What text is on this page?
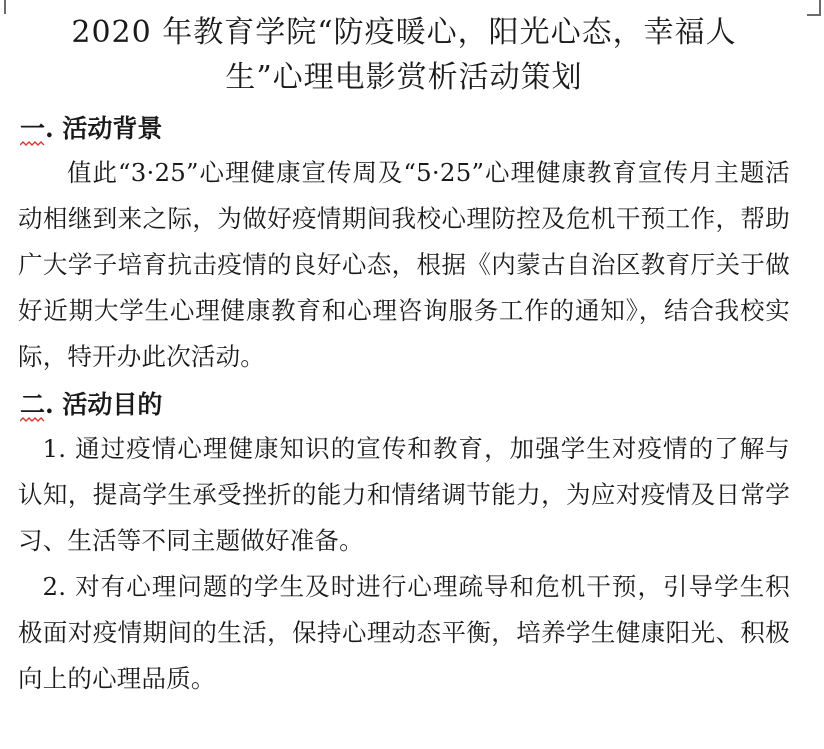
2020 年教育学院“防疫暖心，阳光心态，幸福人生”心理电影赏析活动策划
一. 活动背景

值此“3·25”心理健康宣传周及“5·25”心理健康教育宣传月主题活动相继到来之际，为做好疫情期间我校心理防控及危机干预工作，帮助广大学子培育抗击疫情的良好心态，根据《内蒙古自治区教育厅关于做好近期大学生心理健康教育和心理咨询服务工作的通知》，结合我校实际，特开办此次活动。

二. 活动目的

1. 通过疫情心理健康知识的宣传和教育，加强学生对疫情的了解与认知，提高学生承受挫折的能力和情绪调节能力，为应对疫情及日常学习、生活等不同主题做好准备。

2. 对有心理问题的学生及时进行心理疏导和危机干预，引导学生积极面对疫情期间的生活，保持心理动态平衡，培养学生健康阳光、积极向上的心理品质。
